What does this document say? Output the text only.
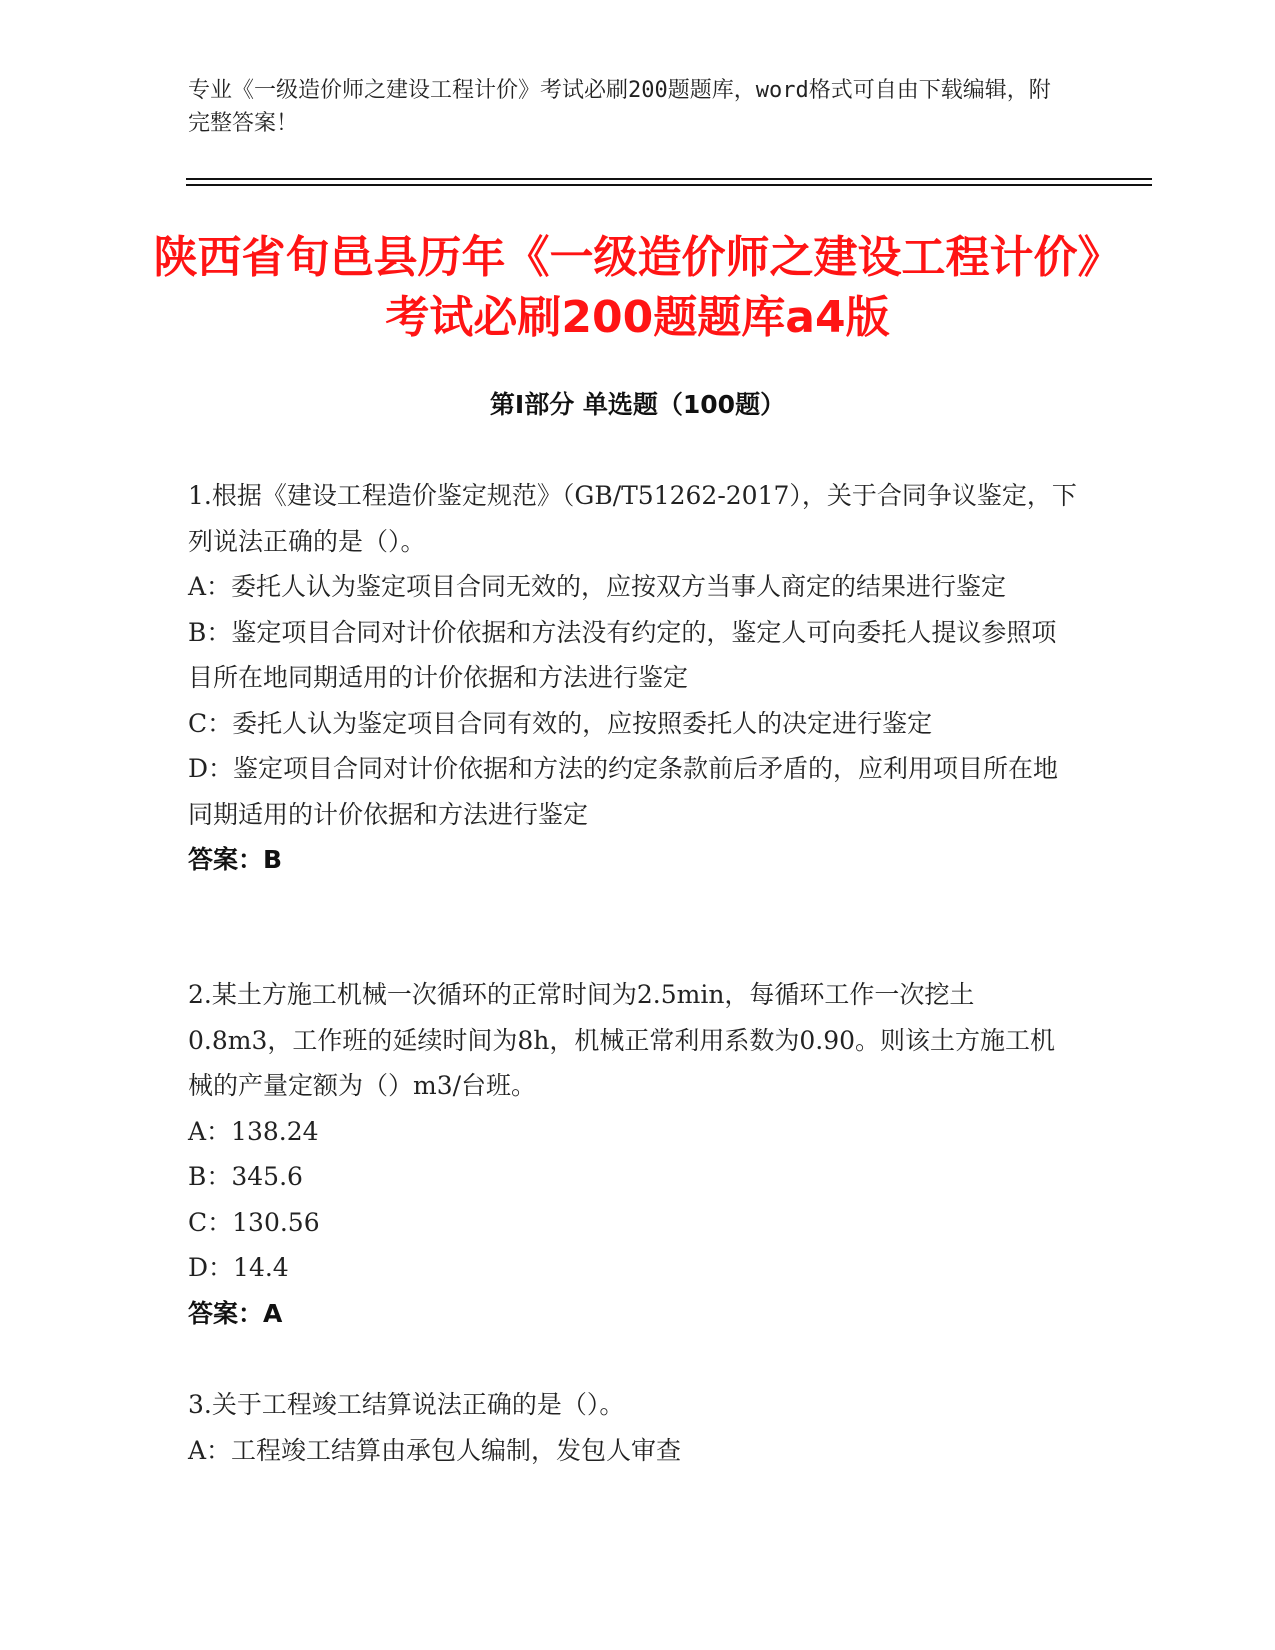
专业《一级造价师之建设工程计价》考试必刷200题题库，word格式可自由下载编辑，附完整答案！
陕西省旬邑县历年《一级造价师之建设工程计价》考试必刷200题题库a4版
第Ⅰ部分 单选题（100题）
1.根据《建设工程造价鉴定规范》（GB/T51262-2017），关于合同争议鉴定，下列说法正确的是（）。
A：委托人认为鉴定项目合同无效的，应按双方当事人商定的结果进行鉴定
B：鉴定项目合同对计价依据和方法没有约定的，鉴定人可向委托人提议参照项目所在地同期适用的计价依据和方法进行鉴定
C：委托人认为鉴定项目合同有效的，应按照委托人的决定进行鉴定
D：鉴定项目合同对计价依据和方法的约定条款前后矛盾的，应利用项目所在地同期适用的计价依据和方法进行鉴定
答案：B
2.某土方施工机械一次循环的正常时间为2.5min，每循环工作一次挖土0.8m3，工作班的延续时间为8h，机械正常利用系数为0.90。则该土方施工机械的产量定额为（）m3/台班。
A：138.24
B：345.6
C：130.56
D：14.4
答案：A
3.关于工程竣工结算说法正确的是（）。
A：工程竣工结算由承包人编制，发包人审查
